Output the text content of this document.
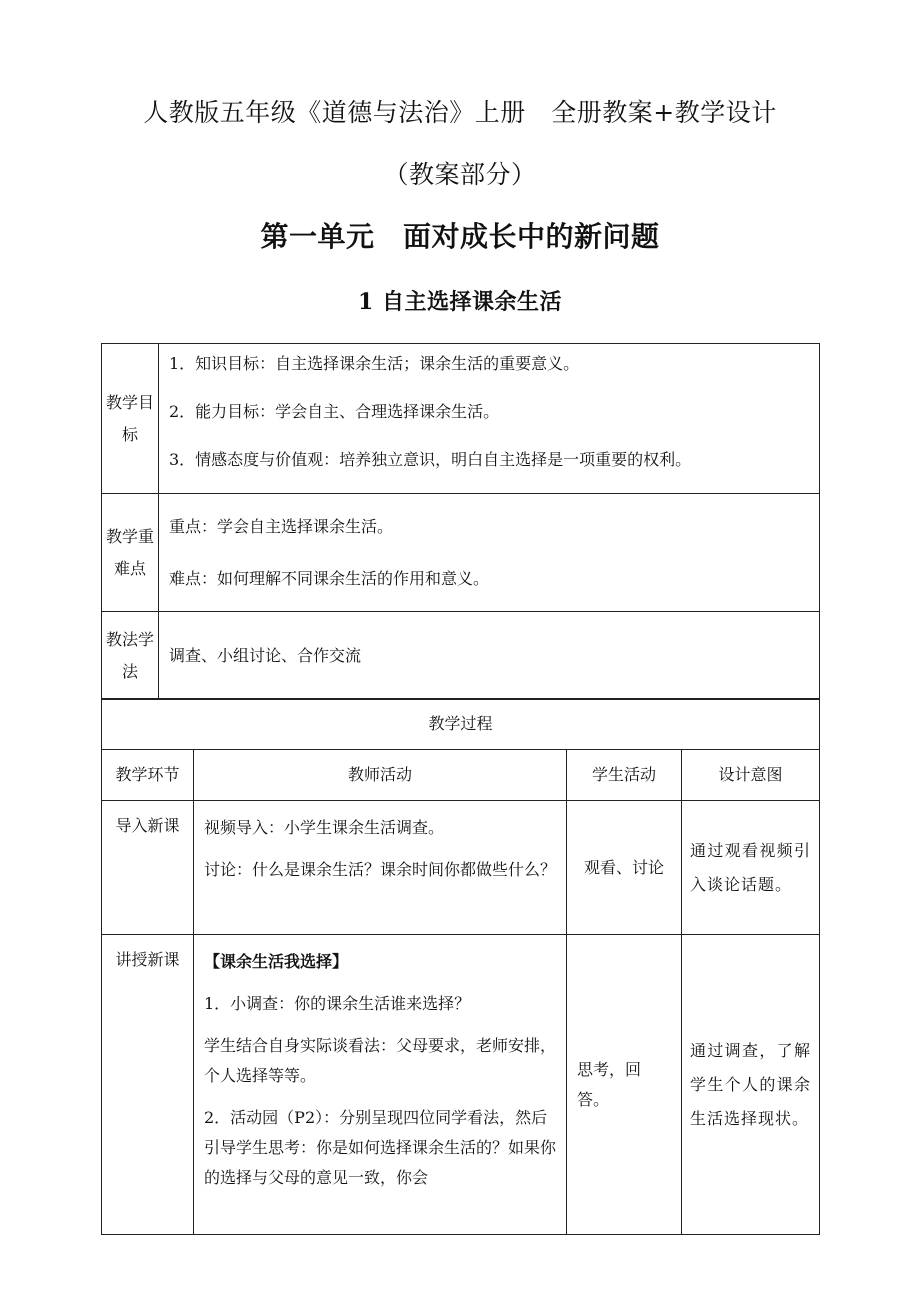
人教版五年级《道德与法治》上册　全册教案+教学设计
（教案部分）
第一单元　面对成长中的新问题
1 自主选择课余生活
教学目标	1．知识目标：自主选择课余生活；课余生活的重要意义。

2．能力目标：学会自主、合理选择课余生活。

3．情感态度与价值观：培养独立意识，明白自主选择是一项重要的权利。

教学重难点	重点：学会自主选择课余生活。

难点：如何理解不同课余生活的作用和意义。

教法学法	调查、小组讨论、合作交流

教学过程			
教学环节	教师活动	学生活动	设计意图
导入新课	视频导入：小学生课余生活调查。

讨论：什么是课余生活？课余时间你都做些什么？	观看、讨论	通过观看视频引入谈论话题。
讲授新课	【课余生活我选择】

1．小调查：你的课余生活谁来选择？

学生结合自身实际谈看法：父母要求，老师安排，个人选择等等。

2．活动园（P2）：分别呈现四位同学看法，然后引导学生思考：你是如何选择课余生活的？如果你的选择与父母的意见一致，你会	思考，回答。	通过调查，了解学生个人的课余生活选择现状。
